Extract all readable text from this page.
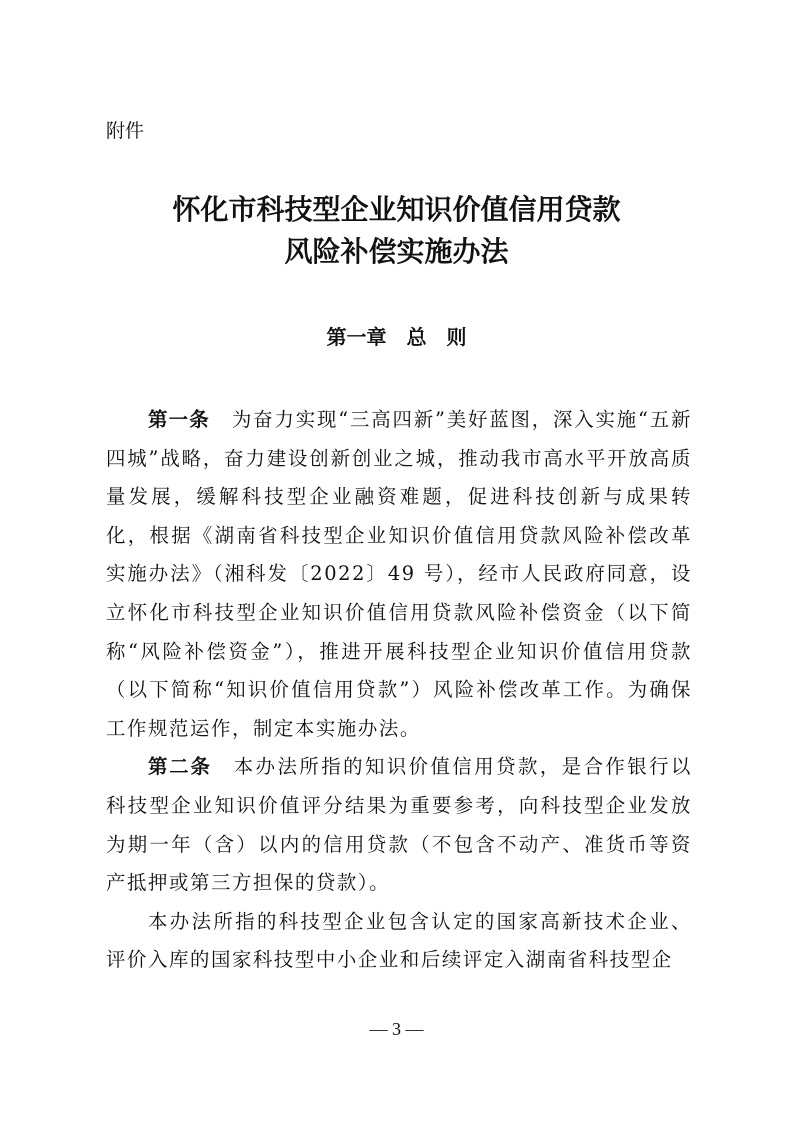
附件

怀化市科技型企业知识价值信用贷款
风险补偿实施办法
第一章 总　则

第一条 为奋力实现“三高四新”美好蓝图，深入实施“五新四城”战略，奋力建设创新创业之城，推动我市高水平开放高质量发展，缓解科技型企业融资难题，促进科技创新与成果转化，根据《湖南省科技型企业知识价值信用贷款风险补偿改革实施办法》（湘科发〔2022〕49 号），经市人民政府同意，设立怀化市科技型企业知识价值信用贷款风险补偿资金（以下简称“风险补偿资金”），推进开展科技型企业知识价值信用贷款（以下简称“知识价值信用贷款”）风险补偿改革工作。为确保工作规范运作，制定本实施办法。

第二条 本办法所指的知识价值信用贷款，是合作银行以科技型企业知识价值评分结果为重要参考，向科技型企业发放为期一年（含）以内的信用贷款（不包含不动产、准货币等资产抵押或第三方担保的贷款）。

本办法所指的科技型企业包含认定的国家高新技术企业、评价入库的国家科技型中小企业和后续评定入湖南省科技型企

— 3 —
